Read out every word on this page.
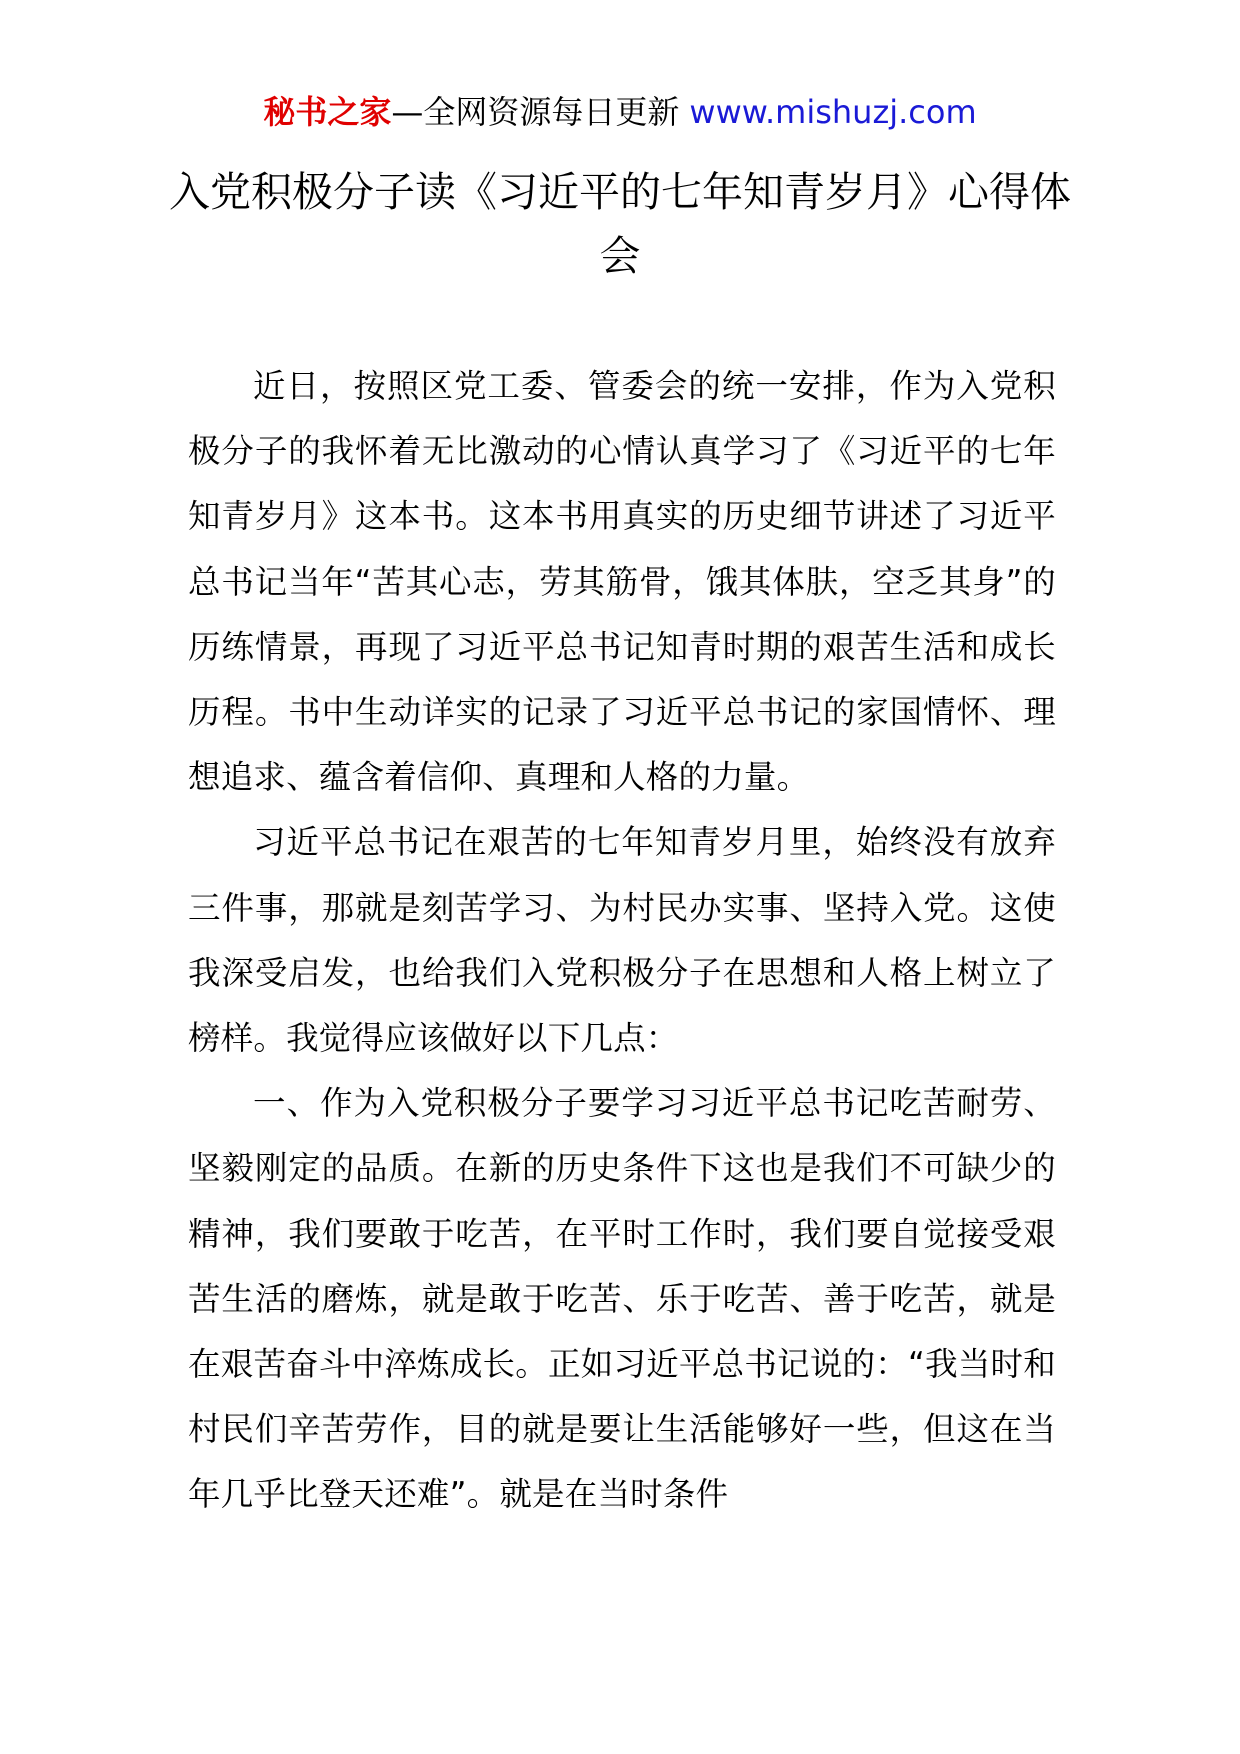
秘书之家—全网资源每日更新 www.mishuzj.com
入党积极分子读《习近平的七年知青岁月》心得体会

近日，按照区党工委、管委会的统一安排，作为入党积极分子的我怀着无比激动的心情认真学习了《习近平的七年知青岁月》这本书。这本书用真实的历史细节讲述了习近平总书记当年“苦其心志，劳其筋骨，饿其体肤，空乏其身”的历练情景，再现了习近平总书记知青时期的艰苦生活和成长历程。书中生动详实的记录了习近平总书记的家国情怀、理想追求、蕴含着信仰、真理和人格的力量。

习近平总书记在艰苦的七年知青岁月里，始终没有放弃三件事，那就是刻苦学习、为村民办实事、坚持入党。这使我深受启发，也给我们入党积极分子在思想和人格上树立了榜样。我觉得应该做好以下几点：

一、作为入党积极分子要学习习近平总书记吃苦耐劳、坚毅刚定的品质。在新的历史条件下这也是我们不可缺少的精神，我们要敢于吃苦，在平时工作时，我们要自觉接受艰苦生活的磨炼，就是敢于吃苦、乐于吃苦、善于吃苦，就是在艰苦奋斗中淬炼成长。正如习近平总书记说的：“我当时和村民们辛苦劳作，目的就是要让生活能够好一些，但这在当年几乎比登天还难”。就是在当时条件
